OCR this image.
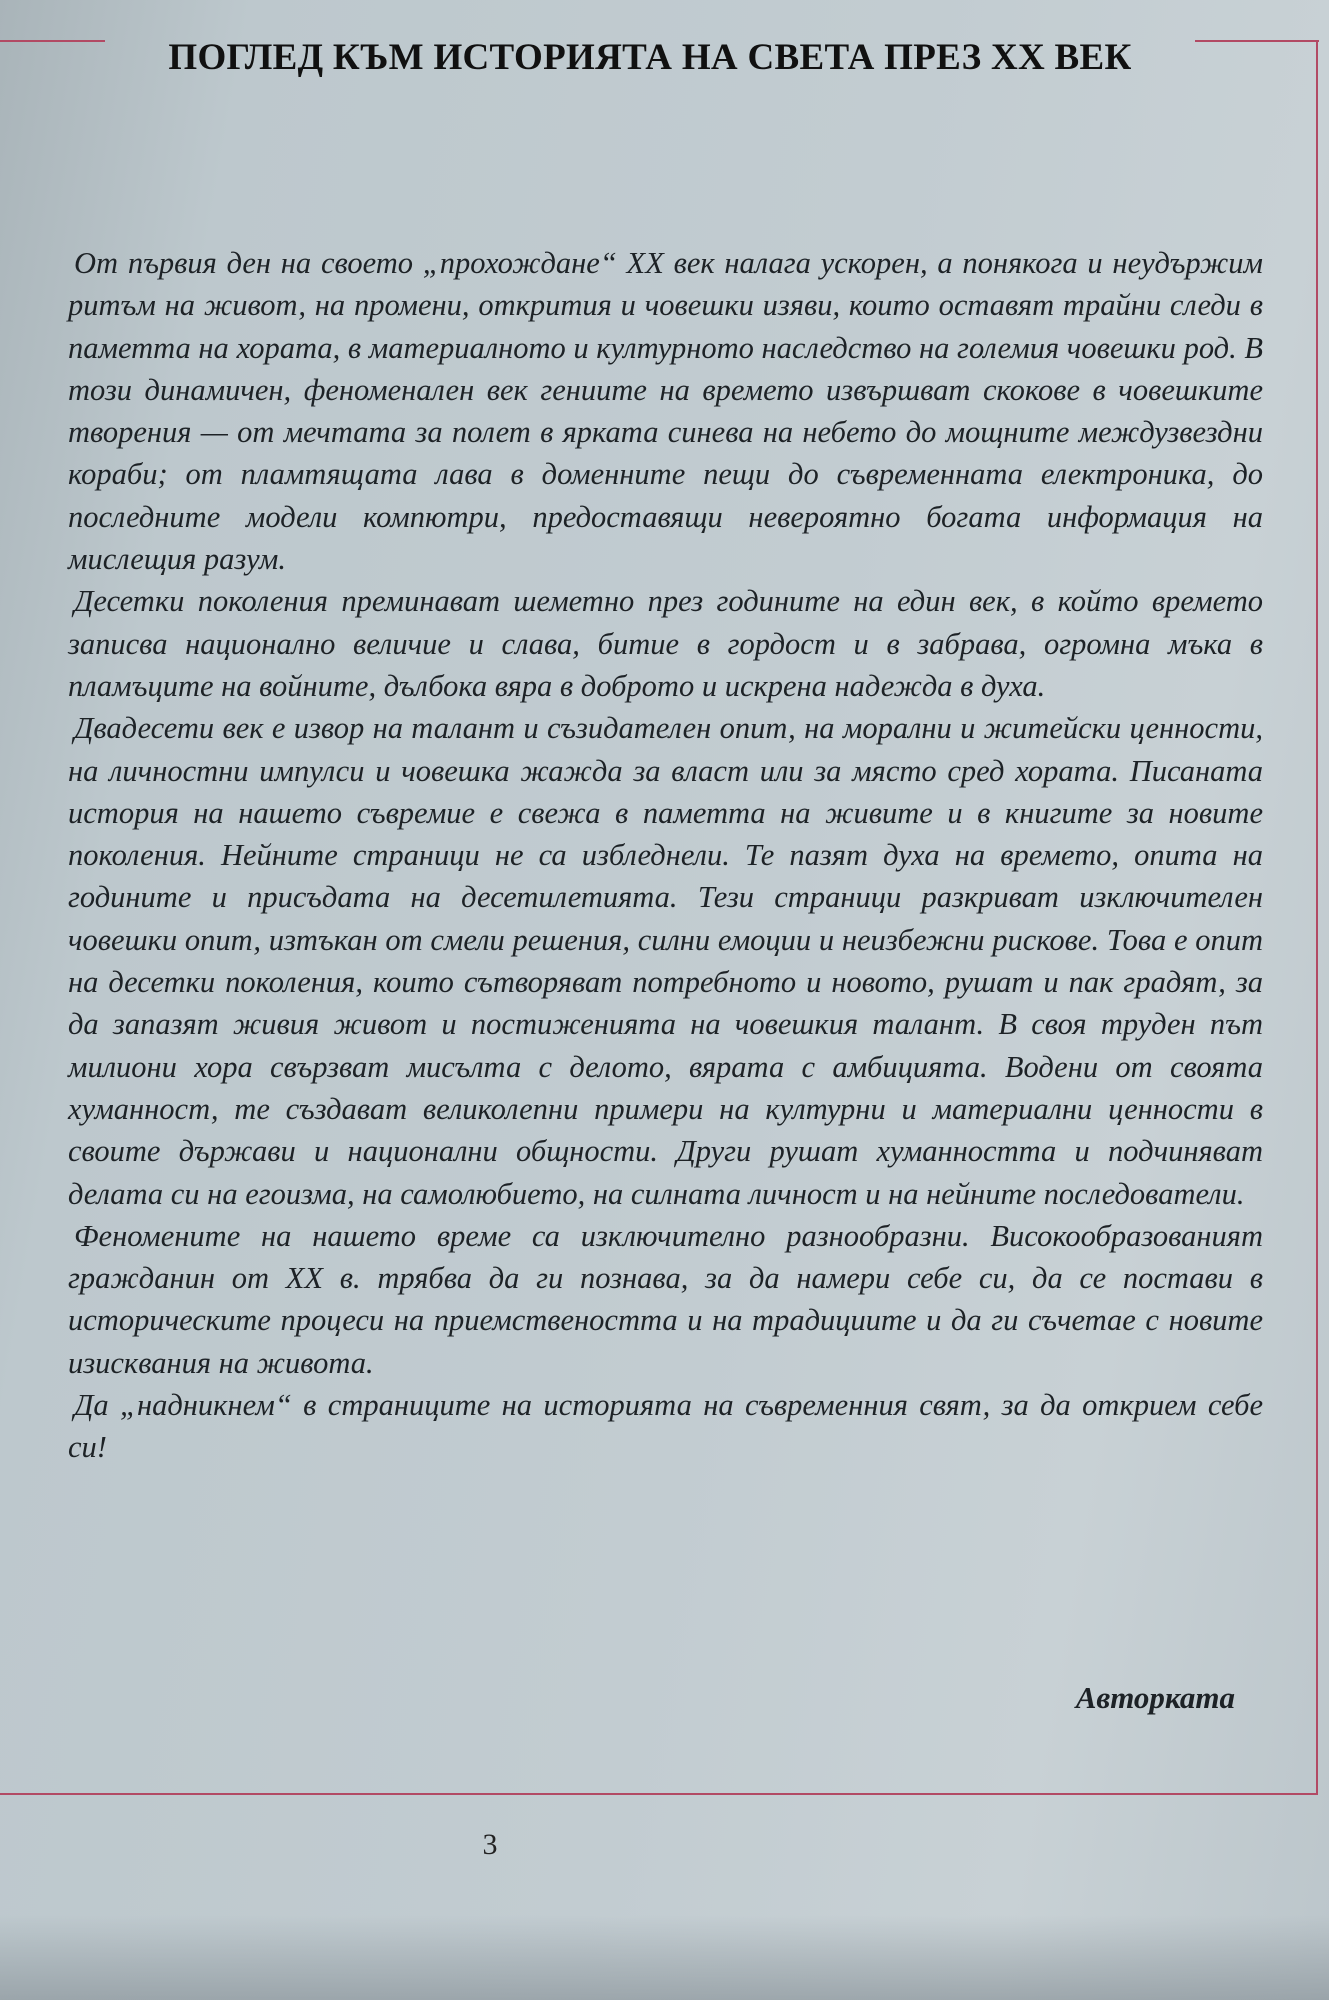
ПОГЛЕД КЪМ ИСТОРИЯТА НА СВЕТА ПРЕЗ XX ВЕК

От първия ден на своето „прохождане“ XX век налага ускорен, а понякога и неудържим ритъм на живот, на промени, открития и човешки изяви, които оставят трайни следи в паметта на хората, в материалното и културното наследство на големия човешки род. В този динамичен, феноменален век гениите на времето извършват скокове в човешките творения — от мечтата за полет в ярката синева на небето до мощните междузвездни кораби; от пламтящата лава в доменните пещи до съвременната електроника, до последните модели компютри, предоставящи невероятно богата информация на мислещия разум.

Десетки поколения преминават шеметно през годините на един век, в който времето записва национално величие и слава, битие в гордост и в забрава, огромна мъка в пламъците на войните, дълбока вяра в доброто и искрена надежда в духа.

Двадесети век е извор на талант и съзидателен опит, на морални и житейски ценности, на личностни импулси и човешка жажда за власт или за място сред хората. Писаната история на нашето съвремие е свежа в паметта на живите и в книгите за новите поколения. Нейните страници не са избледнели. Те пазят духа на времето, опита на годините и присъдата на десетилетията. Тези страници разкриват изключителен човешки опит, изтъкан от смели решения, силни емоции и неизбежни рискове. Това е опит на десетки поколения, които сътворяват потребното и новото, рушат и пак градят, за да запазят живия живот и постиженията на човешкия талант. В своя труден път милиони хора свързват мисълта с делото, вярата с амбицията. Водени от своята хуманност, те създават великолепни примери на културни и материални ценности в своите държави и национални общности. Други рушат хуманността и подчиняват делата си на егоизма, на самолюбието, на силната личност и на нейните последователи.

Феномените на нашето време са изключително разнообразни. Високообразованият гражданин от XX в. трябва да ги познава, за да намери себе си, да се постави в историческите процеси на приемствеността и на традициите и да ги съчетае с новите изисквания на живота.

Да „надникнем“ в страниците на историята на съвременния свят, за да открием себе си!

Авторката

3
